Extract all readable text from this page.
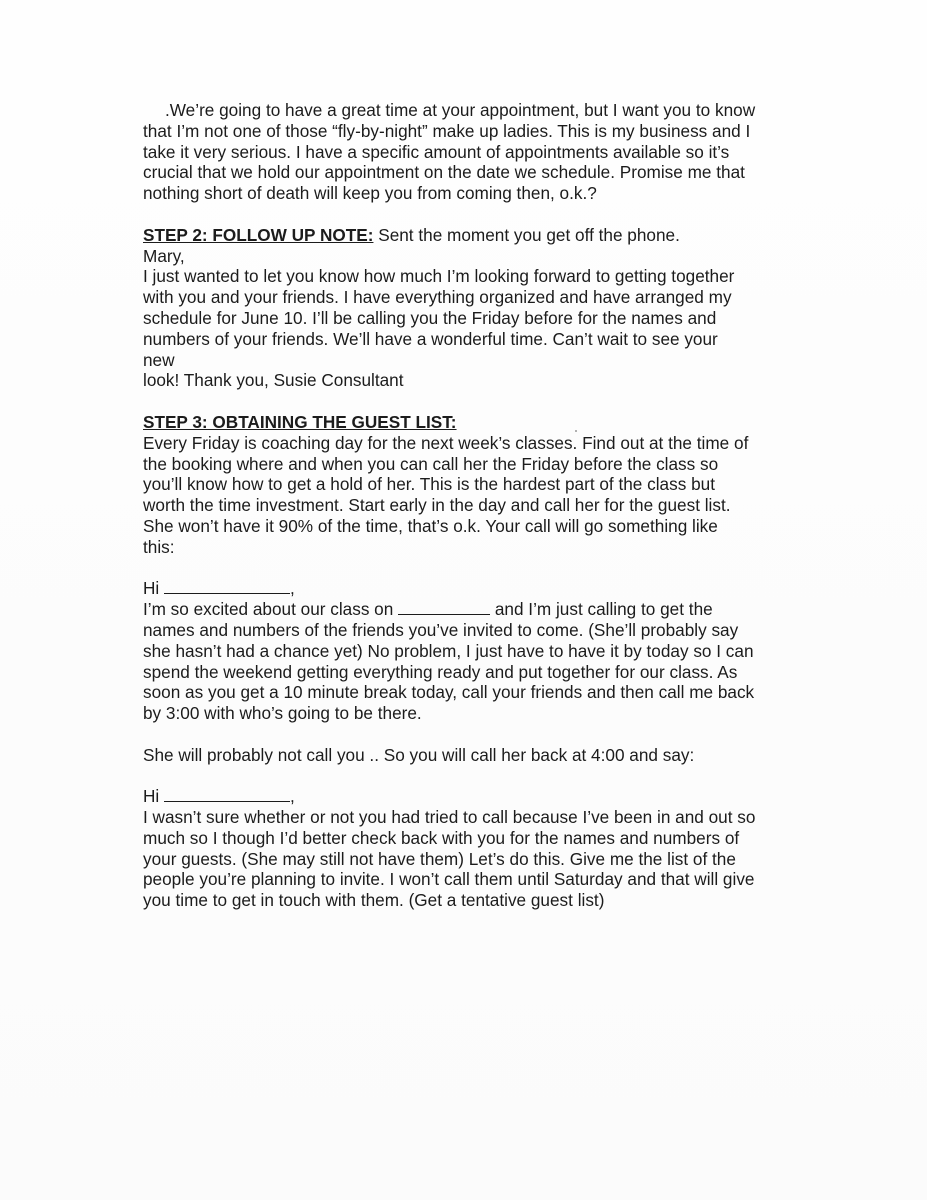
.We’re going to have a great time at your appointment, but I want you to know
that I’m not one of those “fly-by-night” make up ladies. This is my business and I
take it very serious. I have a specific amount of appointments available so it’s
crucial that we hold our appointment on the date we schedule. Promise me that
nothing short of death will keep you from coming then, o.k.?
STEP 2: FOLLOW UP NOTE: Sent the moment you get off the phone.
Mary,
I just wanted to let you know how much I’m looking forward to getting together
with you and your friends. I have everything organized and have arranged my
schedule for June 10. I’ll be calling you the Friday before for the names and
numbers of your friends. We’ll have a wonderful time. Can’t wait to see your
new
look! Thank you, Susie Consultant
STEP 3: OBTAINING THE GUEST LIST:
Every Friday is coaching day for the next week’s classes. Find out at the time of
the booking where and when you can call her the Friday before the class so
you’ll know how to get a hold of her. This is the hardest part of the class but
worth the time investment. Start early in the day and call her for the guest list.
She won’t have it 90% of the time, that’s o.k. Your call will go something like
this:
Hi	,
I’m so excited about our class on	and I’m just calling to get the
names and numbers of the friends you’ve invited to come. (She’ll probably say
she hasn’t had a chance yet) No problem, I just have to have it by today so I can
spend the weekend getting everything ready and put together for our class. As
soon as you get a 10 minute break today, call your friends and then call me back
by 3:00 with who’s going to be there.
She will probably not call you .. So you will call her back at 4:00 and say:
Hi	,
I wasn’t sure whether or not you had tried to call because I’ve been in and out so
much so I though I’d better check back with you for the names and numbers of
your guests. (She may still not have them) Let’s do this. Give me the list of the
people you’re planning to invite. I won’t call them until Saturday and that will give
you time to get in touch with them. (Get a tentative guest list)
